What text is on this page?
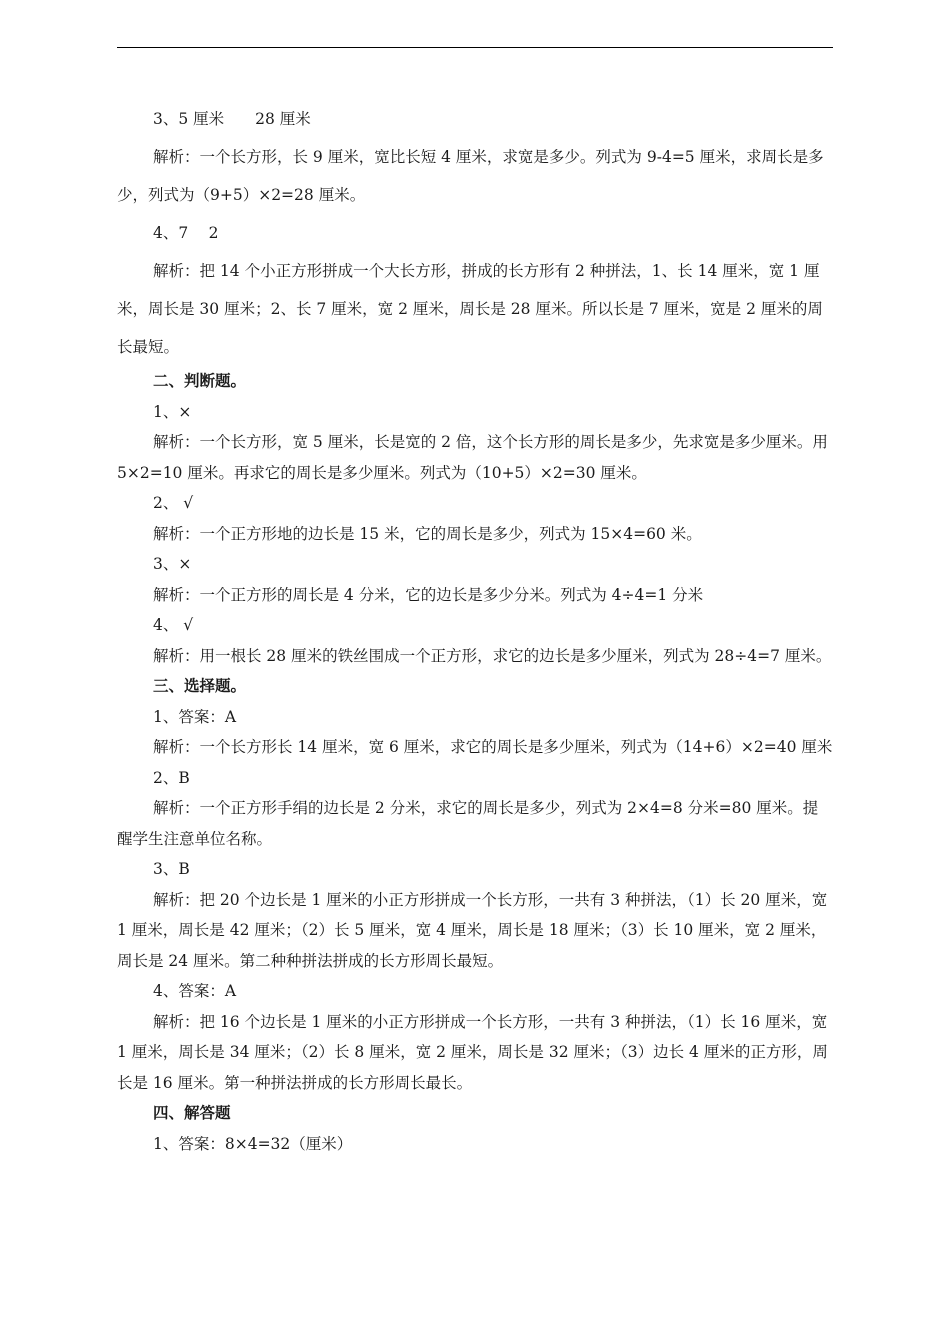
3、5 厘米　　28 厘米

解析：一个长方形，长 9 厘米，宽比长短 4 厘米，求宽是多少。列式为 9-4=5 厘米，求周长是多少，列式为（9+5）×2=28 厘米。

4、7　 2

解析：把 14 个小正方形拼成一个大长方形，拼成的长方形有 2 种拼法，1、长 14 厘米，宽 1 厘米，周长是 30 厘米；2、长 7 厘米，宽 2 厘米，周长是 28 厘米。所以长是 7 厘米，宽是 2 厘米的周长最短。

二、判断题。

1、×

解析：一个长方形，宽 5 厘米，长是宽的 2 倍，这个长方形的周长是多少，先求宽是多少厘米。用 5×2=10 厘米。再求它的周长是多少厘米。列式为（10+5）×2=30 厘米。

2、 √

解析：一个正方形地的边长是 15 米，它的周长是多少，列式为 15×4=60 米。

3、×

解析：一个正方形的周长是 4 分米，它的边长是多少分米。列式为 4÷4=1 分米

4、 √

解析：用一根长 28 厘米的铁丝围成一个正方形，求它的边长是多少厘米，列式为 28÷4=7 厘米。

三、选择题。

1、答案：A

解析：一个长方形长 14 厘米，宽 6 厘米，求它的周长是多少厘米，列式为（14+6）×2=40 厘米

2、B

解析：一个正方形手绢的边长是 2 分米，求它的周长是多少，列式为 2×4=8 分米=80 厘米。提醒学生注意单位名称。

3、B

解析：把 20 个边长是 1 厘米的小正方形拼成一个长方形，一共有 3 种拼法，（1）长 20 厘米，宽 1 厘米，周长是 42 厘米；（2）长 5 厘米，宽 4 厘米，周长是 18 厘米；（3）长 10 厘米，宽 2 厘米，周长是 24 厘米。第二种种拼法拼成的长方形周长最短。

4、答案：A

解析：把 16 个边长是 1 厘米的小正方形拼成一个长方形，一共有 3 种拼法，（1）长 16 厘米，宽 1 厘米，周长是 34 厘米；（2）长 8 厘米，宽 2 厘米，周长是 32 厘米；（3）边长 4 厘米的正方形，周长是 16 厘米。第一种拼法拼成的长方形周长最长。

四、解答题

1、答案：8×4=32（厘米）
